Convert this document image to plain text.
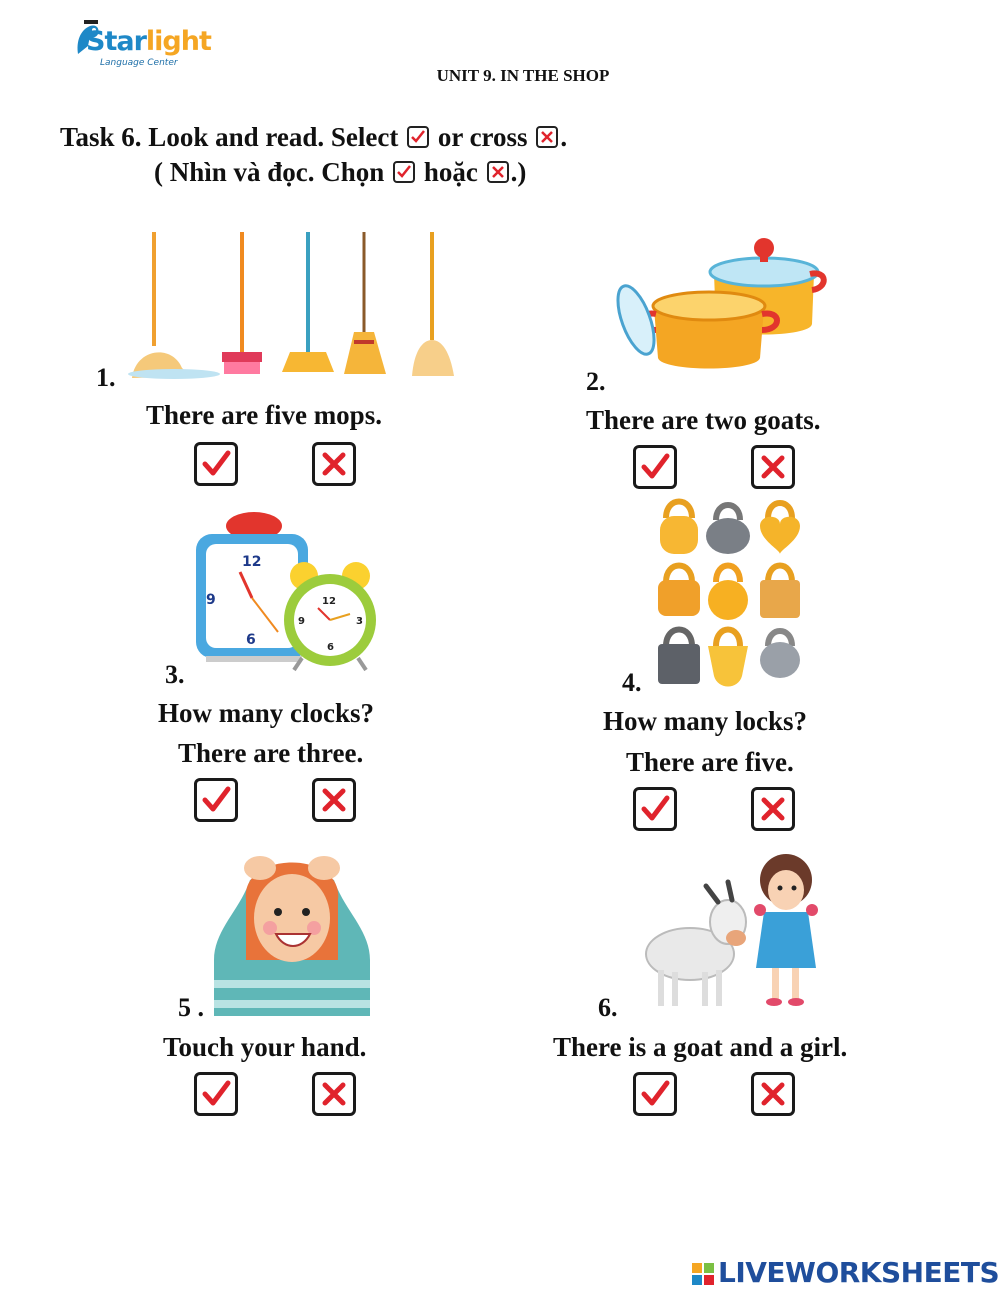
Starlight
Language Center
UNIT 9. IN THE SHOP
Task 6. Look and read. Select or cross .
( Nhìn và đọc. Chọn hoặc .)
1.
There are five mops.
2.
There are two goats.
12
9
6
12
9	3
6
3.
How many clocks?
There are three.
4.
How many locks?
There are five.
5 .
Touch your hand.
6.
There is a goat and a girl.
LIVEWORKSHEETS
